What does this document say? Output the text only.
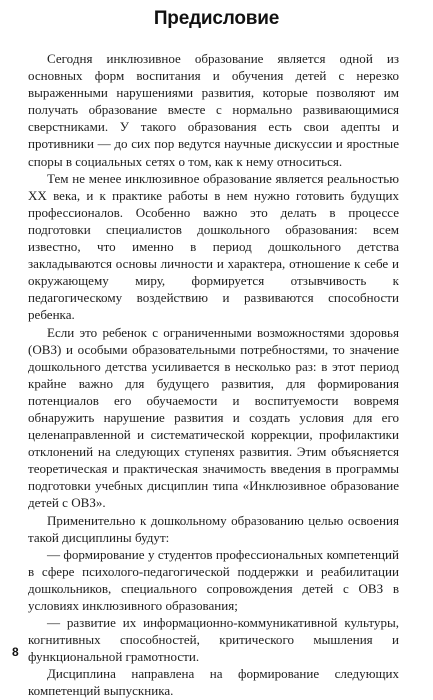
Предисловие

Сегодня инклюзивное образование является одной из основных форм воспитания и обучения детей с нерезко выраженными нарушениями развития, которые позволяют им получать образование вместе с нормально развивающимися сверстниками. У такого образования есть свои адепты и противники — до сих пор ведутся научные дискуссии и яростные споры в социальных сетях о том, как к нему относиться.

Тем не менее инклюзивное образование является реальностью XX века, и к практике работы в нем нужно готовить будущих профессионалов. Особенно важно это делать в процессе подготовки специалистов дошкольного образования: всем известно, что именно в период дошкольного детства закладываются основы личности и характера, отношение к себе и окружающему миру, формируется отзывчивость к педагогическому воздействию и развиваются способности ребенка.

Если это ребенок с ограниченными возможностями здоровья (ОВЗ) и особыми образовательными потребностями, то значение дошкольного детства усиливается в несколько раз: в этот период крайне важно для будущего развития, для формирования потенциалов его обучаемости и воспитуемости вовремя обнаружить нарушение развития и создать условия для его целенаправленной и систематической коррекции, профилактики отклонений на следующих ступенях развития. Этим объясняется теоретическая и практическая значимость введения в программы подготовки учебных дисциплин типа «Инклюзивное образование детей с ОВЗ».

Применительно к дошкольному образованию целью освоения такой дисциплины будут:

— формирование у студентов профессиональных компетенций в сфере психолого-педагогической поддержки и реабилитации дошкольников, специального сопровождения детей с ОВЗ в условиях инклюзивного образования;

— развитие их информационно-коммуникативной культуры, когнитивных способностей, критического мышления и функциональной грамотности.

Дисциплина направлена на формирование следующих компетенций выпускника.

8
